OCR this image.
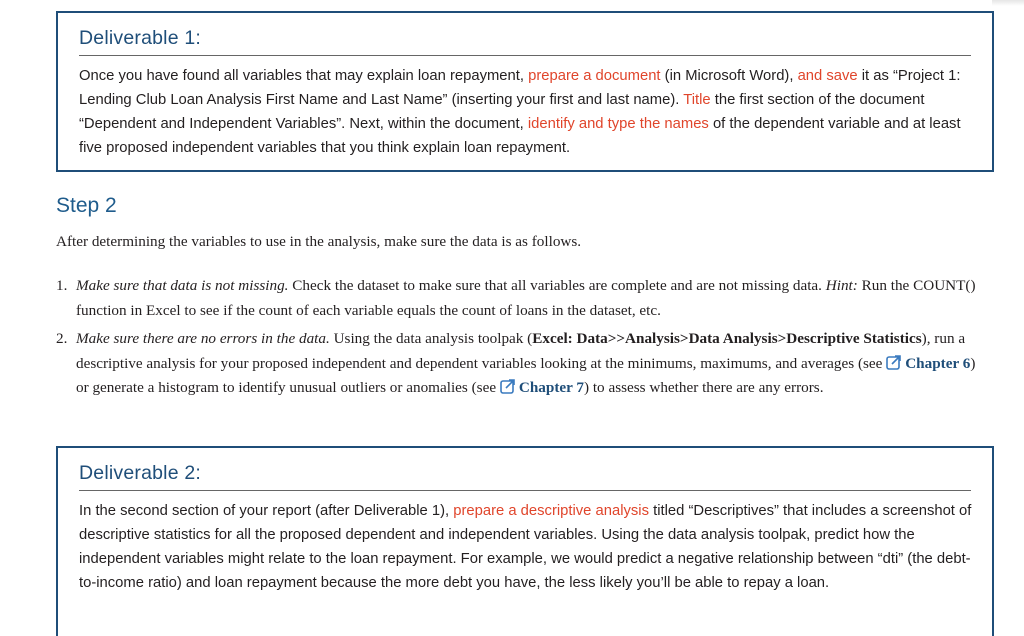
Deliverable 1:

Once you have found all variables that may explain loan repayment, prepare a document (in Microsoft Word), and save it as “Project 1: Lending Club Loan Analysis First Name and Last Name” (inserting your first and last name). Title the first section of the document “Dependent and Independent Variables”. Next, within the document, identify and type the names of the dependent variable and at least five proposed independent variables that you think explain loan repayment.

Step 2

After determining the variables to use in the analysis, make sure the data is as follows.

1. Make sure that data is not missing. Check the dataset to make sure that all variables are complete and are not missing data. Hint: Run the COUNT() function in Excel to see if the count of each variable equals the count of loans in the dataset, etc.
2. Make sure there are no errors in the data. Using the data analysis toolpak (Excel: Data>>Analysis>Data Analysis>Descriptive Statistics), run a descriptive analysis for your proposed independent and dependent variables looking at the minimums, maximums, and averages (see Chapter 6) or generate a histogram to identify unusual outliers or anomalies (see Chapter 7) to assess whether there are any errors.
Deliverable 2:

In the second section of your report (after Deliverable 1), prepare a descriptive analysis titled “Descriptives” that includes a screenshot of descriptive statistics for all the proposed dependent and independent variables. Using the data analysis toolpak, predict how the independent variables might relate to the loan repayment. For example, we would predict a negative relationship between “dti” (the debt-to-income ratio) and loan repayment because the more debt you have, the less likely you’ll be able to repay a loan.
